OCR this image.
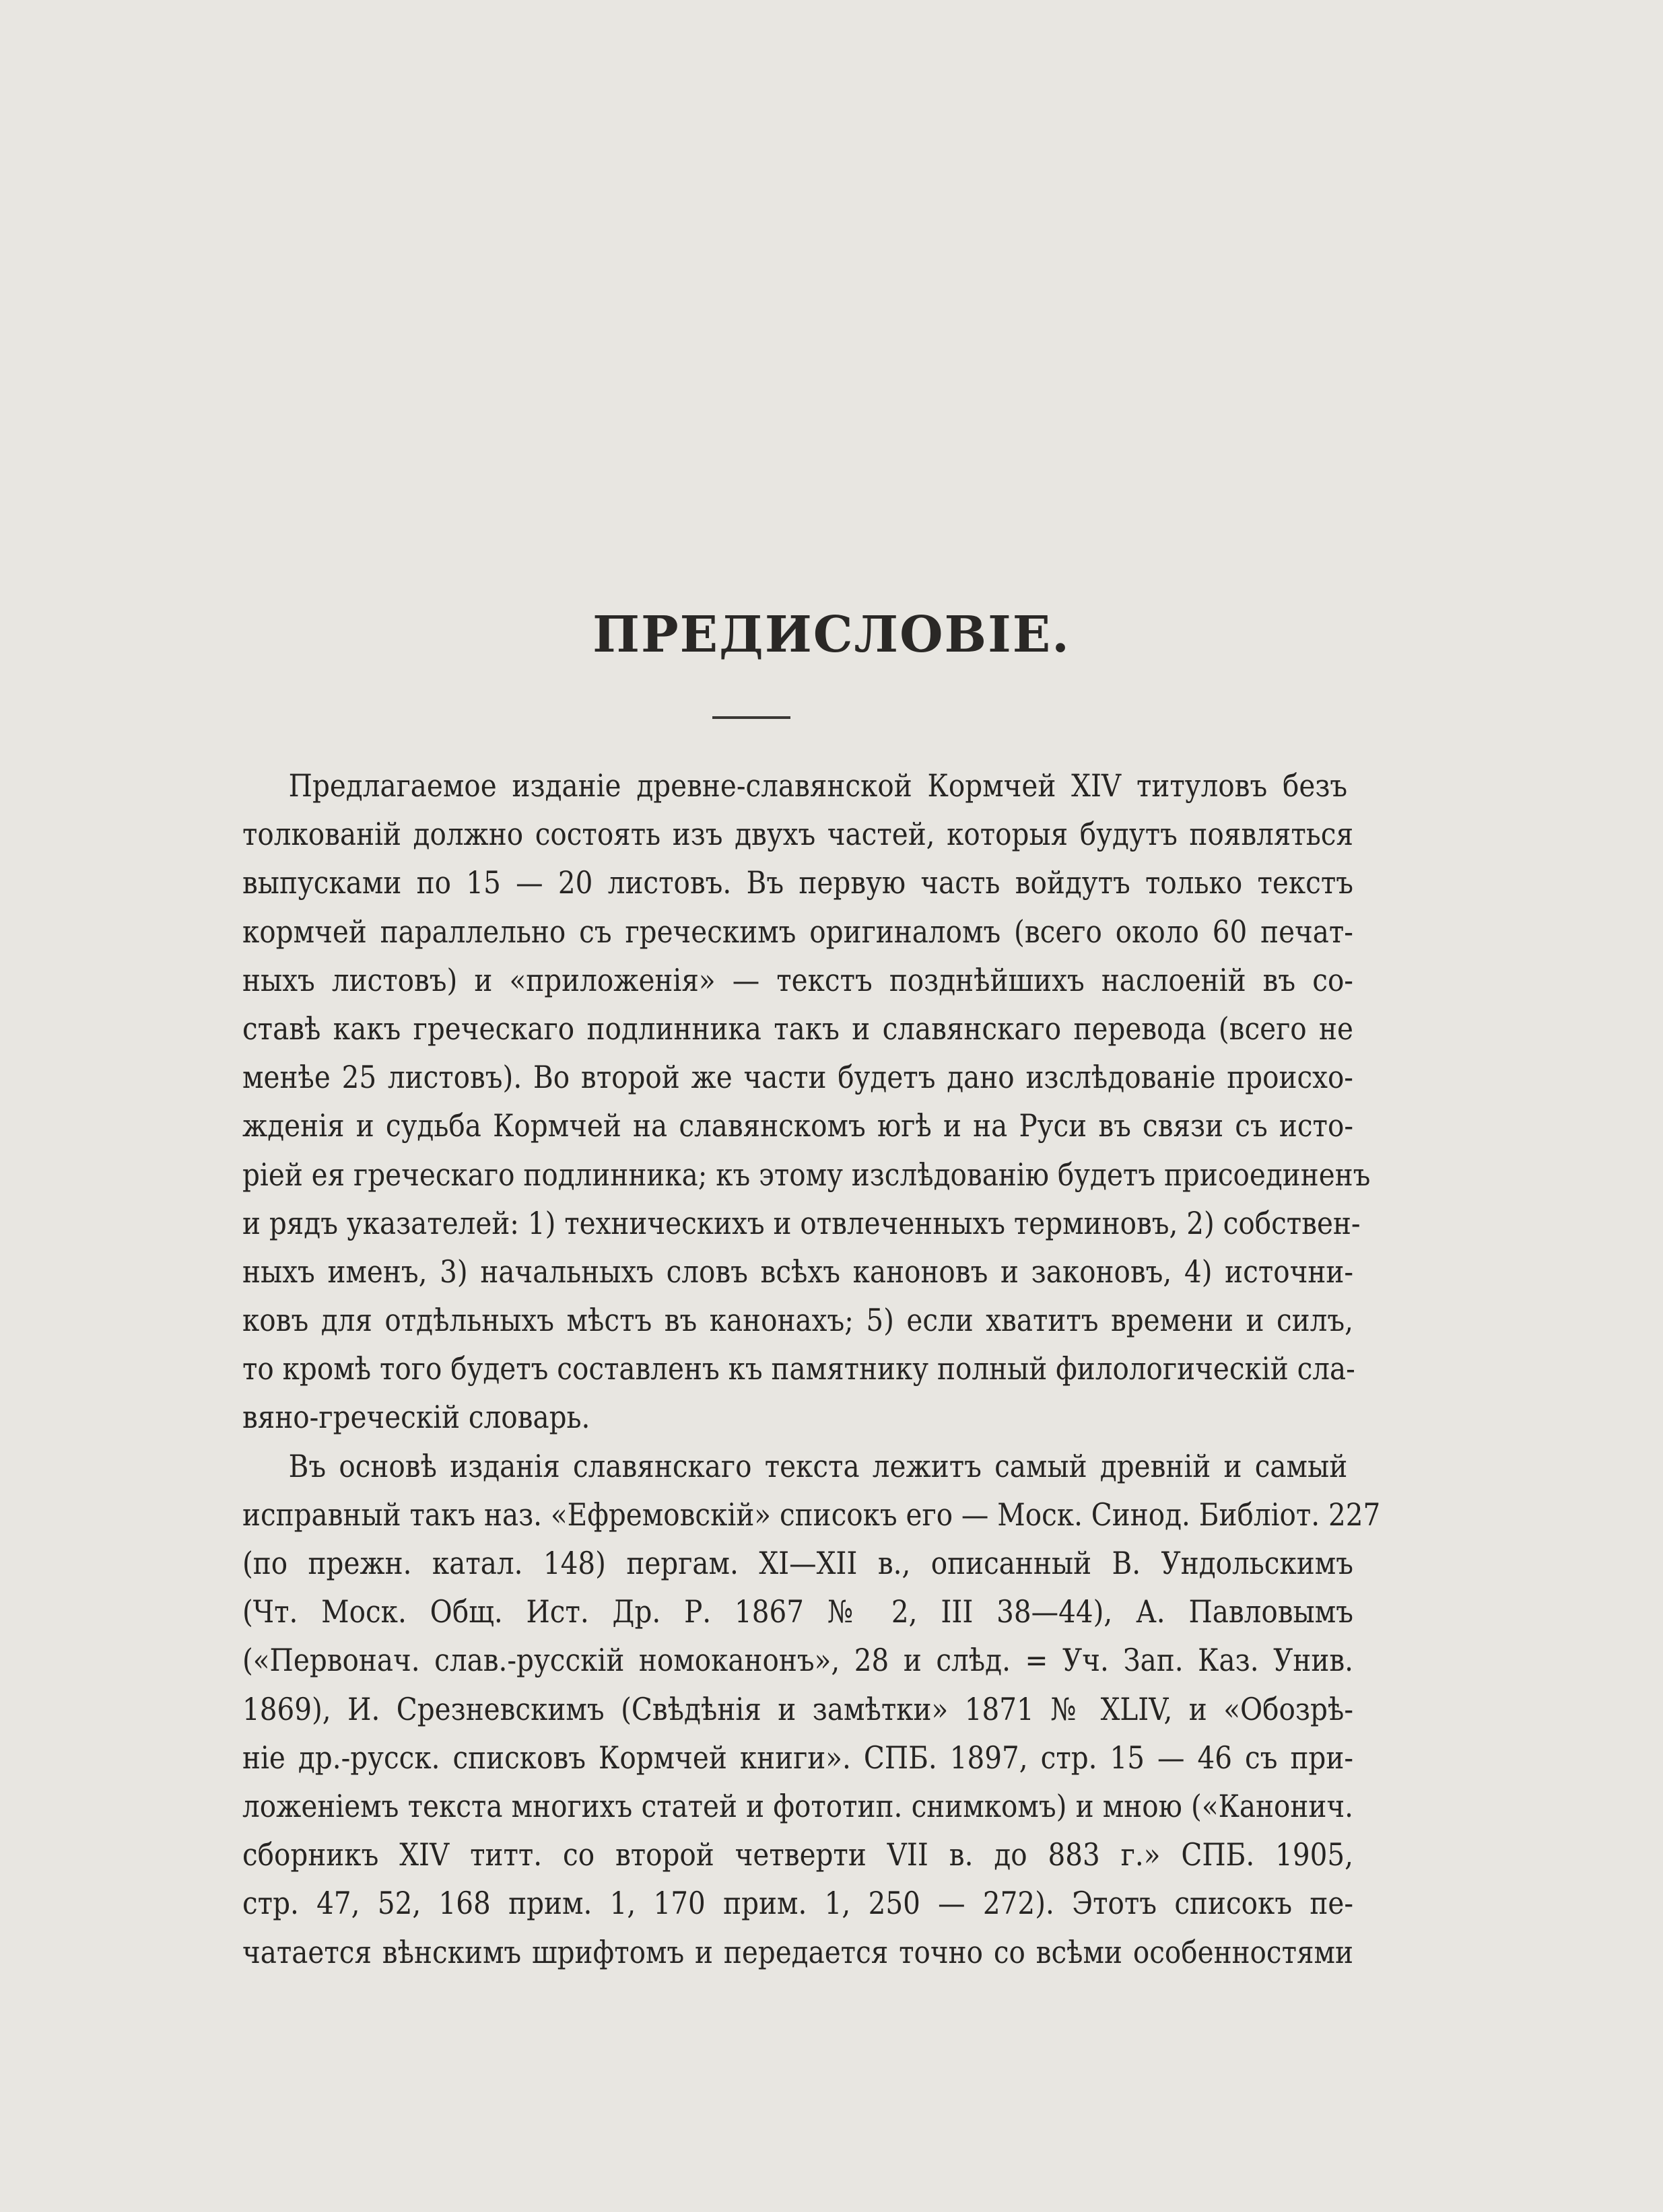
ПРЕДИСЛОВІЕ.
Предлагаемое изданіе древне-славянской Кормчей XIV титуловъ безъ
толкованій должно состоять изъ двухъ частей, которыя будутъ появляться
выпусками по 15 — 20 листовъ. Въ первую часть войдутъ только текстъ
кормчей параллельно съ греческимъ оригиналомъ (всего около 60 печат-
ныхъ листовъ) и «приложенія» — текстъ позднѣйшихъ наслоеній въ со-
ставѣ какъ греческаго подлинника такъ и славянскаго перевода (всего не
менѣе 25 листовъ). Во второй же части будетъ дано изслѣдованіе происхо-
жденія и судьба Кормчей на славянскомъ югѣ и на Руси въ связи съ исто-
ріей ея греческаго подлинника; къ этому изслѣдованію будетъ присоединенъ
и рядъ указателей: 1) техническихъ и отвлеченныхъ терминовъ, 2) собствен-
ныхъ именъ, 3) начальныхъ словъ всѣхъ каноновъ и законовъ, 4) источни-
ковъ для отдѣльныхъ мѣстъ въ канонахъ; 5) если хватитъ времени и силъ,
то кромѣ того будетъ составленъ къ памятнику полный филологическій сла-
вяно-греческій словарь.
Въ основѣ изданія славянскаго текста лежитъ самый древній и самый
исправный такъ наз. «Ефремовскій» списокъ его — Моск. Синод. Библіот. 227
(по прежн. катал. 148) пергам. XI—XII в., описанный В. Ундольскимъ
(Чт. Моск. Общ. Ист. Др. Р. 1867 № 2, III 38—44), А. Павловымъ
(«Первонач. слав.-русскій номоканонъ», 28 и слѣд. = Уч. Зап. Каз. Унив.
1869), И. Срезневскимъ (Свѣдѣнія и замѣтки» 1871 № XLIV, и «Обозрѣ-
ніе др.-русск. списковъ Кормчей книги». СПБ. 1897, стр. 15 — 46 съ при-
ложеніемъ текста многихъ статей и фототип. снимкомъ) и мною («Канонич.
сборникъ XIV титт. со второй четверти VII в. до 883 г.» СПБ. 1905,
стр. 47, 52, 168 прим. 1, 170 прим. 1, 250 — 272). Этотъ списокъ пе-
чатается вѣнскимъ шрифтомъ и передается точно со всѣми особенностями
